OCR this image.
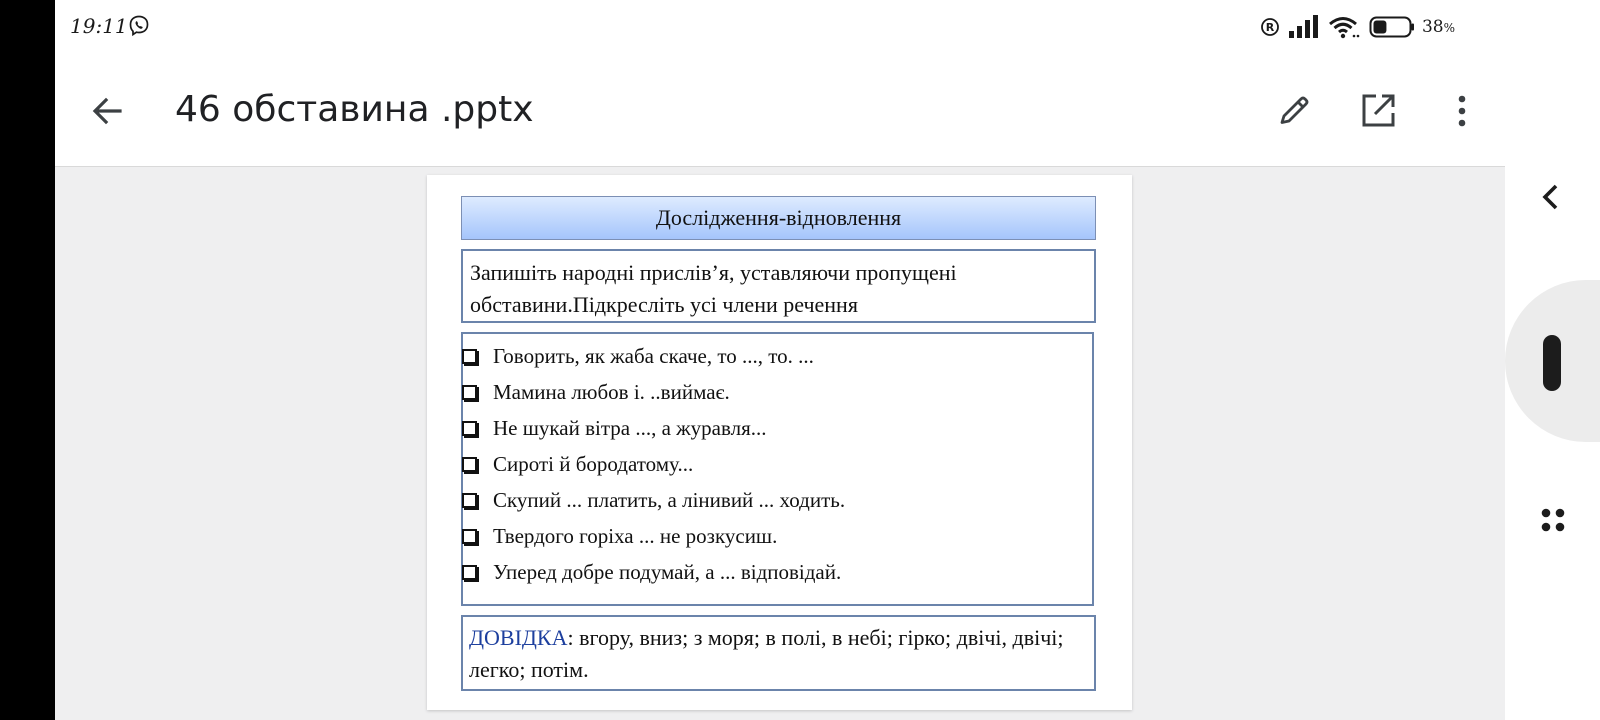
19:11	R	38%
46 обставина .pptx
Дослідження-відновлення
Запишіть народні прислів’я, уставляючи пропущені обставини.Підкресліть усі члени речення
Говорить, як жаба скаче, то ..., то. ...
Мамина любов і. ..виймає.
Не шукай вітра ..., а журавля...
Сироті й бородатому...
Скупий ... платить, а лінивий ... ходить.
Твердого горіха ... не розкусиш.
Уперед добре подумай, а ... відповідай.
ДОВІДКА: вгору, вниз; з моря; в полі, в небі; гірко; двічі, двічі; легко; потім.
